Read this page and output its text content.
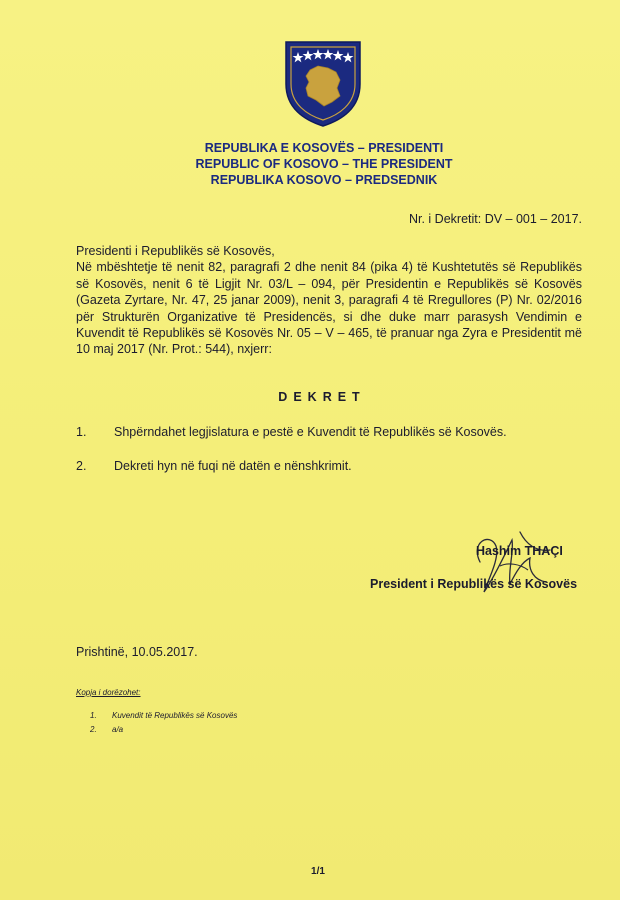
REPUBLIKA E KOSOVËS – PRESIDENTI
REPUBLIC OF KOSOVO – THE PRESIDENT
REPUBLIKA KOSOVO – PREDSEDNIK
Nr. i Dekretit: DV – 001 – 2017.

Presidenti i Republikës së Kosovës,

Në mbështetje të nenit 82, paragrafi 2 dhe nenit 84 (pika 4) të Kushtetutës së Republikës së Kosovës, nenit 6 të Ligjit Nr. 03/L – 094, për Presidentin e Republikës së Kosovës (Gazeta Zyrtare, Nr. 47, 25 janar 2009), nenit 3, paragrafi 4 të Rregullores (P) Nr. 02/2016 për Strukturën Organizative të Presidencës, si dhe duke marr parasysh Vendimin e Kuvendit të Republikës së Kosovës Nr. 05 – V – 465, të pranuar nga Zyra e Presidentit më 10 maj 2017 (Nr. Prot.: 544), nxjerr:

DEKRET
1.	Shpërndahet legjislatura e pestë e Kuvendit të Republikës së Kosovës.
2.	Dekreti hyn në fuqi në datën e nënshkrimit.
Hashim THAÇI
President i Republikës së Kosovës
Prishtinë, 10.05.2017.
Kopja i dorëzohet:
1.	Kuvendit të Republikës së Kosovës
2.	a/a
1/1
